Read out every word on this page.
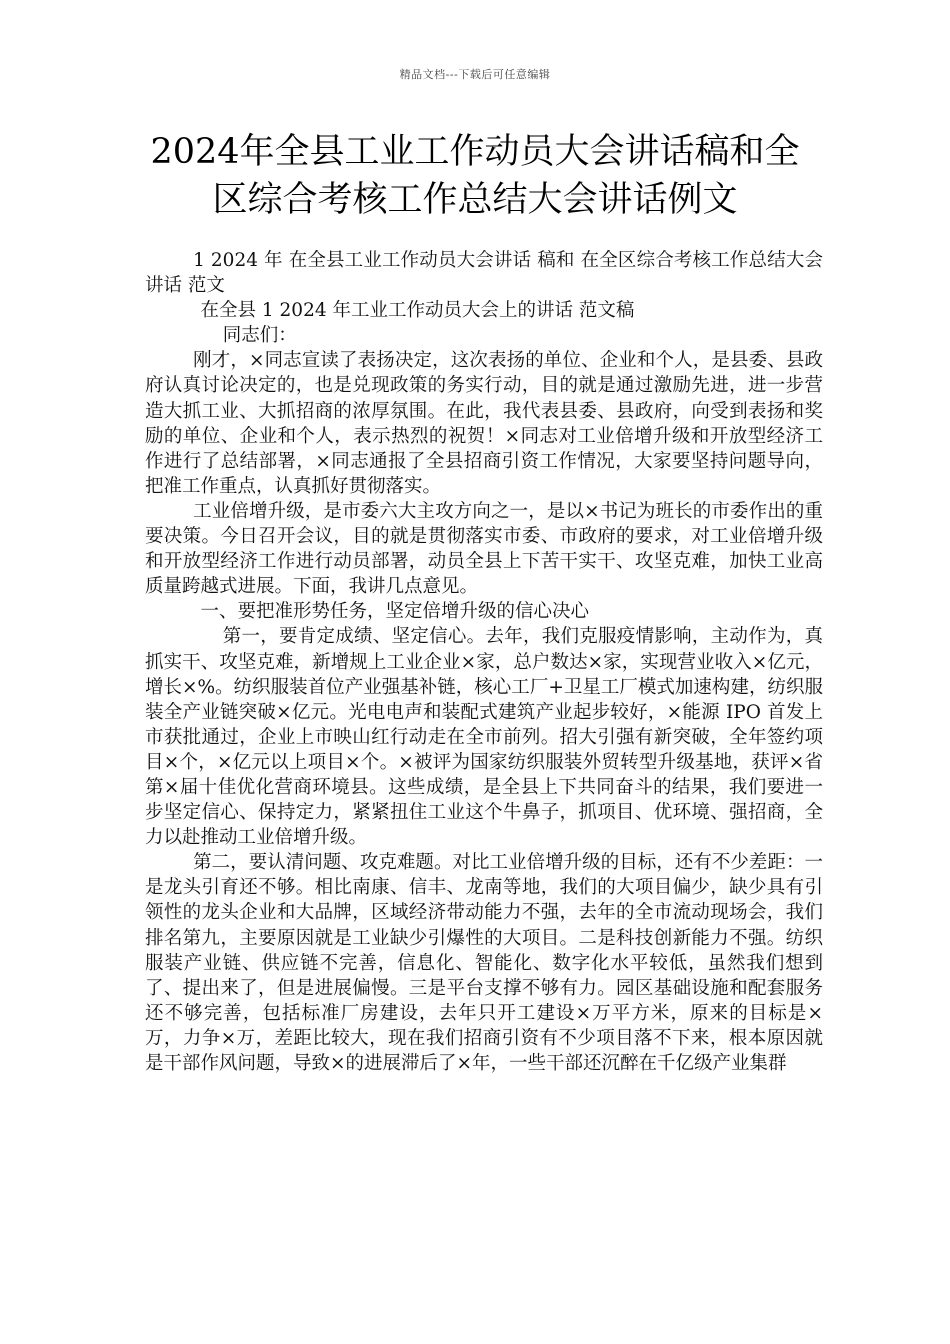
精品文档---下载后可任意编辑
2024年全县工业工作动员大会讲话稿和全区综合考核工作总结大会讲话例文

1 2024 年 在全县工业工作动员大会讲话 稿和 在全区综合考核工作总结大会讲话 范文

在全县 1 2024 年工业工作动员大会上的讲话 范文稿

同志们：

刚才，×同志宣读了表扬决定，这次表扬的单位、企业和个人，是县委、县政府认真讨论决定的，也是兑现政策的务实行动，目的就是通过激励先进，进一步营造大抓工业、大抓招商的浓厚氛围。在此，我代表县委、县政府，向受到表扬和奖励的单位、企业和个人，表示热烈的祝贺！×同志对工业倍增升级和开放型经济工作进行了总结部署，×同志通报了全县招商引资工作情况，大家要坚持问题导向，把准工作重点，认真抓好贯彻落实。

工业倍增升级，是市委六大主攻方向之一，是以×书记为班长的市委作出的重要决策。今日召开会议，目的就是贯彻落实市委、市政府的要求，对工业倍增升级和开放型经济工作进行动员部署，动员全县上下苦干实干、攻坚克难，加快工业高质量跨越式进展。下面，我讲几点意见。

一、要把准形势任务，坚定倍增升级的信心决心

第一，要肯定成绩、坚定信心。去年，我们克服疫情影响，主动作为，真抓实干、攻坚克难，新增规上工业企业×家，总户数达×家，实现营业收入×亿元，增长×%。纺织服装首位产业强基补链，核心工厂+卫星工厂模式加速构建，纺织服装全产业链突破×亿元。光电电声和装配式建筑产业起步较好，×能源 IPO 首发上市获批通过，企业上市映山红行动走在全市前列。招大引强有新突破，全年签约项目×个，×亿元以上项目×个。×被评为国家纺织服装外贸转型升级基地，获评×省第×届十佳优化营商环境县。这些成绩，是全县上下共同奋斗的结果，我们要进一步坚定信心、保持定力，紧紧扭住工业这个牛鼻子，抓项目、优环境、强招商，全力以赴推动工业倍增升级。

第二，要认清问题、攻克难题。对比工业倍增升级的目标，还有不少差距：一是龙头引育还不够。相比南康、信丰、龙南等地，我们的大项目偏少，缺少具有引领性的龙头企业和大品牌，区域经济带动能力不强，去年的全市流动现场会，我们排名第九，主要原因就是工业缺少引爆性的大项目。二是科技创新能力不强。纺织服装产业链、供应链不完善，信息化、智能化、数字化水平较低，虽然我们想到了、提出来了，但是进展偏慢。三是平台支撑不够有力。园区基础设施和配套服务还不够完善，包括标准厂房建设，去年只开工建设×万平方米，原来的目标是×万，力争×万，差距比较大，现在我们招商引资有不少项目落不下来，根本原因就是干部作风问题，导致×的进展滞后了×年，一些干部还沉醉在千亿级产业集群
